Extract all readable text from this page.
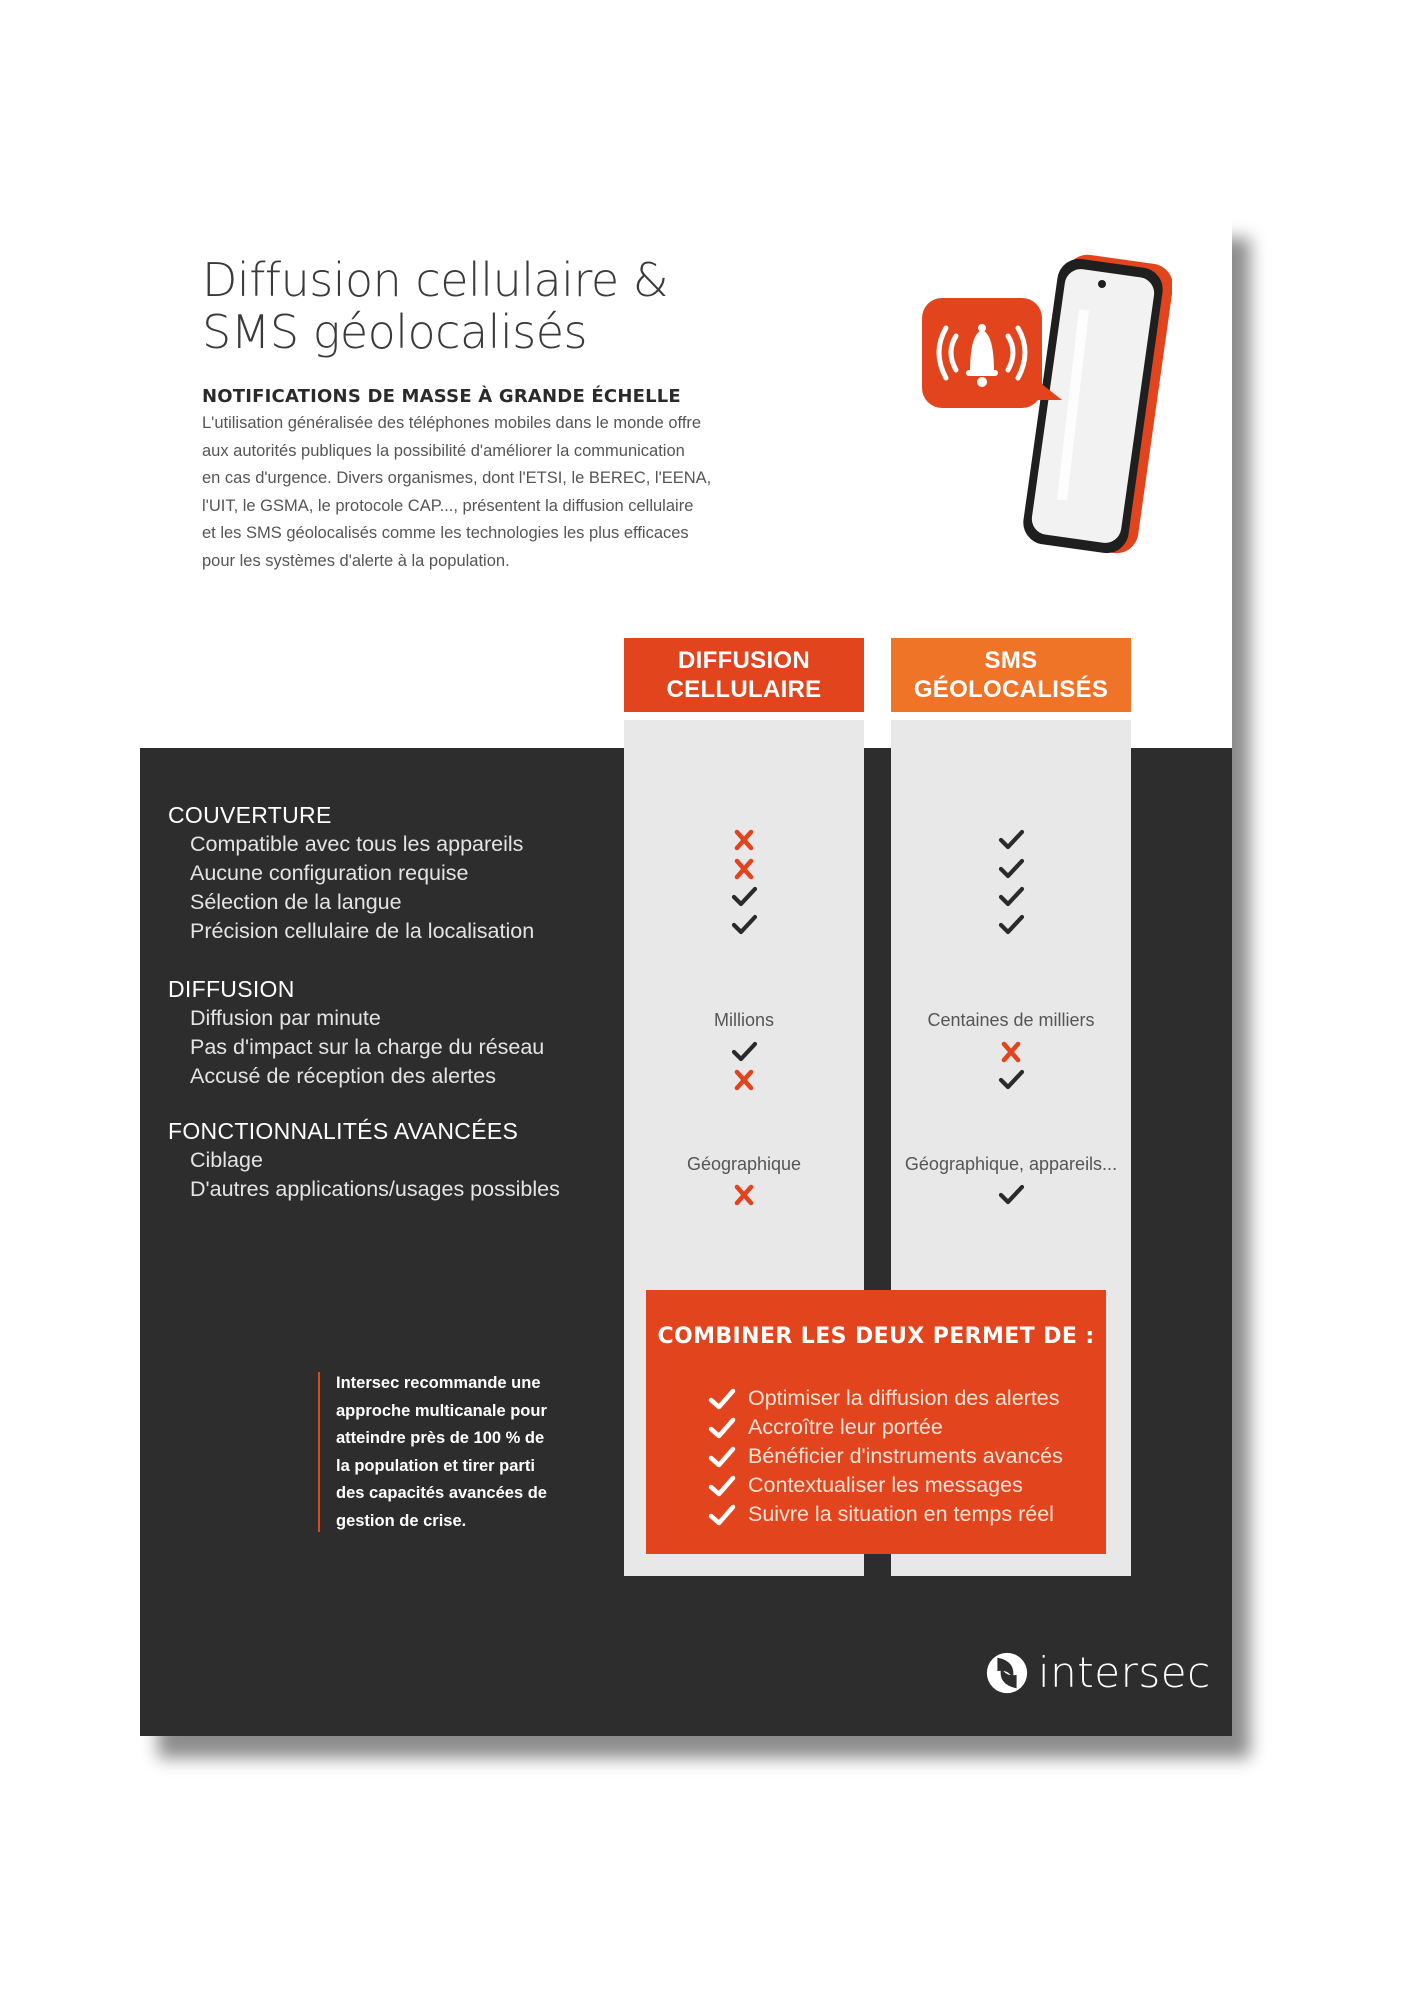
Diffusion cellulaire &
SMS géolocalisés
NOTIFICATIONS DE MASSE À GRANDE ÉCHELLE
L'utilisation généralisée des téléphones mobiles dans le monde offre
aux autorités publiques la possibilité d'améliorer la communication
en cas d'urgence. Divers organismes, dont l'ETSI, le BEREC, l'EENA,
l'UIT, le GSMA, le protocole CAP..., présentent la diffusion cellulaire
et les SMS géolocalisés comme les technologies les plus efficaces
pour les systèmes d'alerte à la population.
DIFFUSION
CELLULAIRE
SMS
GÉOLOCALISÉS
COUVERTURE
Compatible avec tous les appareils
Aucune configuration requise
Sélection de la langue
Précision cellulaire de la localisation
DIFFUSION
Diffusion par minute
Pas d'impact sur la charge du réseau
Accusé de réception des alertes
Millions	Centaines de milliers
FONCTIONNALITÉS AVANCÉES
Ciblage
D'autres applications/usages possibles
Géographique	Géographique, appareils...
COMBINER LES DEUX PERMET DE :
Optimiser la diffusion des alertes
Accroître leur portée
Bénéficier d'instruments avancés
Contextualiser les messages
Suivre la situation en temps réel
Intersec recommande une
approche multicanale pour
atteindre près de 100 % de
la population et tirer parti
des capacités avancées de
gestion de crise.
intersec
